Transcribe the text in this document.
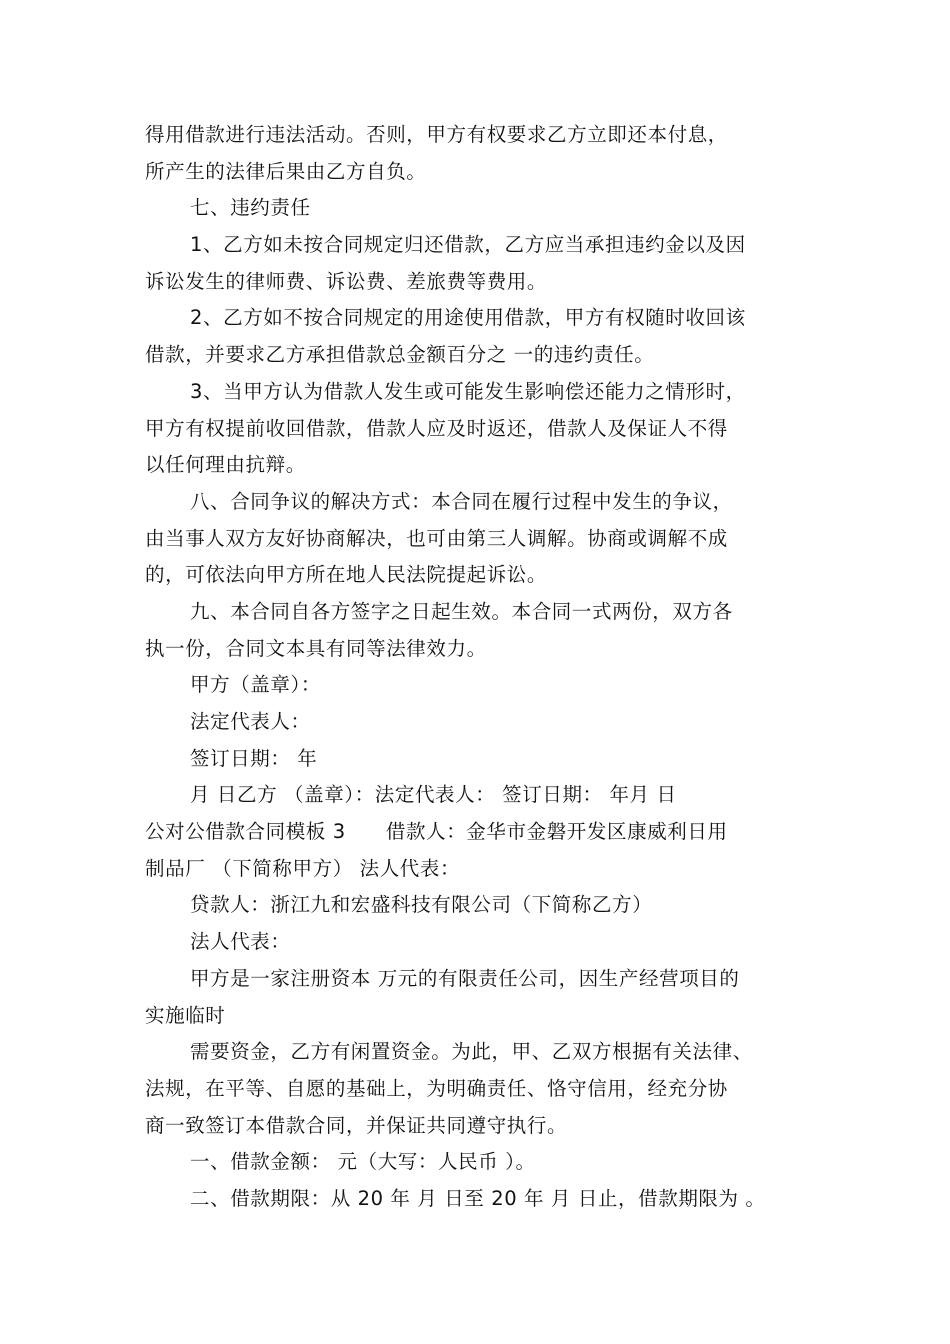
得用借款进行违法活动。否则，甲方有权要求乙方立即还本付息，
所产生的法律后果由乙方自负。
七、违约责任
1、乙方如未按合同规定归还借款，乙方应当承担违约金以及因
诉讼发生的律师费、诉讼费、差旅费等费用。
2、乙方如不按合同规定的用途使用借款，甲方有权随时收回该
借款，并要求乙方承担借款总金额百分之 一的违约责任。
3、当甲方认为借款人发生或可能发生影响偿还能力之情形时，
甲方有权提前收回借款，借款人应及时返还，借款人及保证人不得
以任何理由抗辩。
八、合同争议的解决方式：本合同在履行过程中发生的争议，
由当事人双方友好协商解决，也可由第三人调解。协商或调解不成
的，可依法向甲方所在地人民法院提起诉讼。
九、本合同自各方签字之日起生效。本合同一式两份，双方各
执一份，合同文本具有同等法律效力。
甲方（盖章）：
法定代表人：
签订日期： 年
月 日乙方 （盖章）：法定代表人： 签订日期： 年月 日
公对公借款合同模板 3　　借款人：金华市金磐开发区康威利日用
制品厂 （下简称甲方） 法人代表：
贷款人：浙江九和宏盛科技有限公司（下简称乙方）
法人代表：
甲方是一家注册资本 万元的有限责任公司，因生产经营项目的
实施临时
需要资金，乙方有闲置资金。为此，甲、乙双方根据有关法律、
法规，在平等、自愿的基础上，为明确责任、恪守信用，经充分协
商一致签订本借款合同，并保证共同遵守执行。
一、借款金额： 元（大写：人民币 ）。
二、借款期限：从 20 年 月 日至 20 年 月 日止，借款期限为 。
